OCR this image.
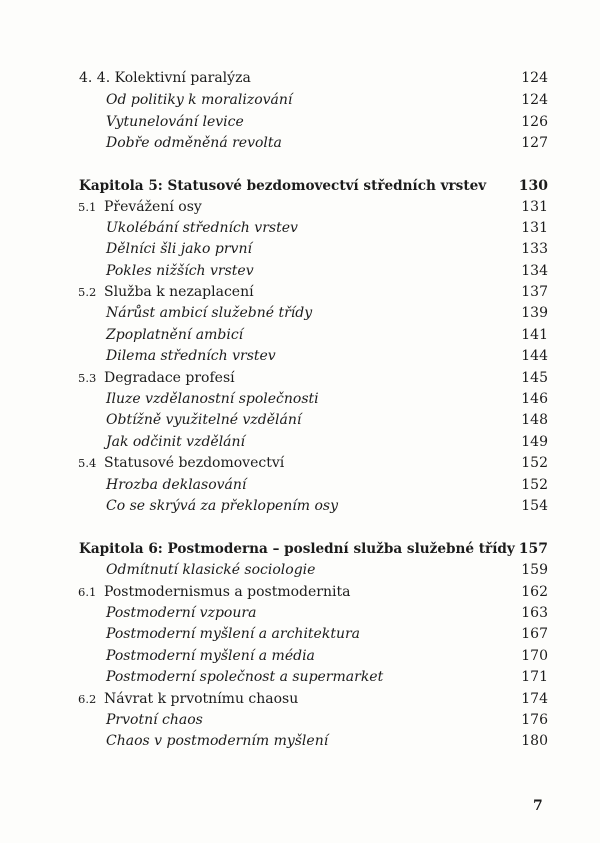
4. 4. Kolektivní paralýza	124
Od politiky k moralizování	124
Vytunelování levice	126
Dobře odměněná revolta	127
Kapitola 5: Statusové bezdomovectví středních vrstev 130
5.1 Převážení osy	131
Ukolébání středních vrstev	131
Dělníci šli jako první	133
Pokles nižších vrstev	134
5.2 Služba k nezaplacení	137
Nárůst ambicí služebné třídy	139
Zpoplatnění ambicí	141
Dilema středních vrstev	144
5.3 Degradace profesí	145
Iluze vzdělanostní společnosti	146
Obtížně využitelné vzdělání	148
Jak odčinit vzdělání	149
5.4 Statusové bezdomovectví	152
Hrozba deklasování	152
Co se skrývá za překlopením osy	154
Kapitola 6: Postmoderna – poslední služba služebné třídy 157
Odmítnutí klasické sociologie	159
6.1 Postmodernismus a postmodernita	162
Postmoderní vzpoura	163
Postmoderní myšlení a architektura	167
Postmoderní myšlení a média	170
Postmoderní společnost a supermarket	171
6.2 Návrat k prvotnímu chaosu	174
Prvotní chaos	176
Chaos v postmoderním myšlení	180
7
